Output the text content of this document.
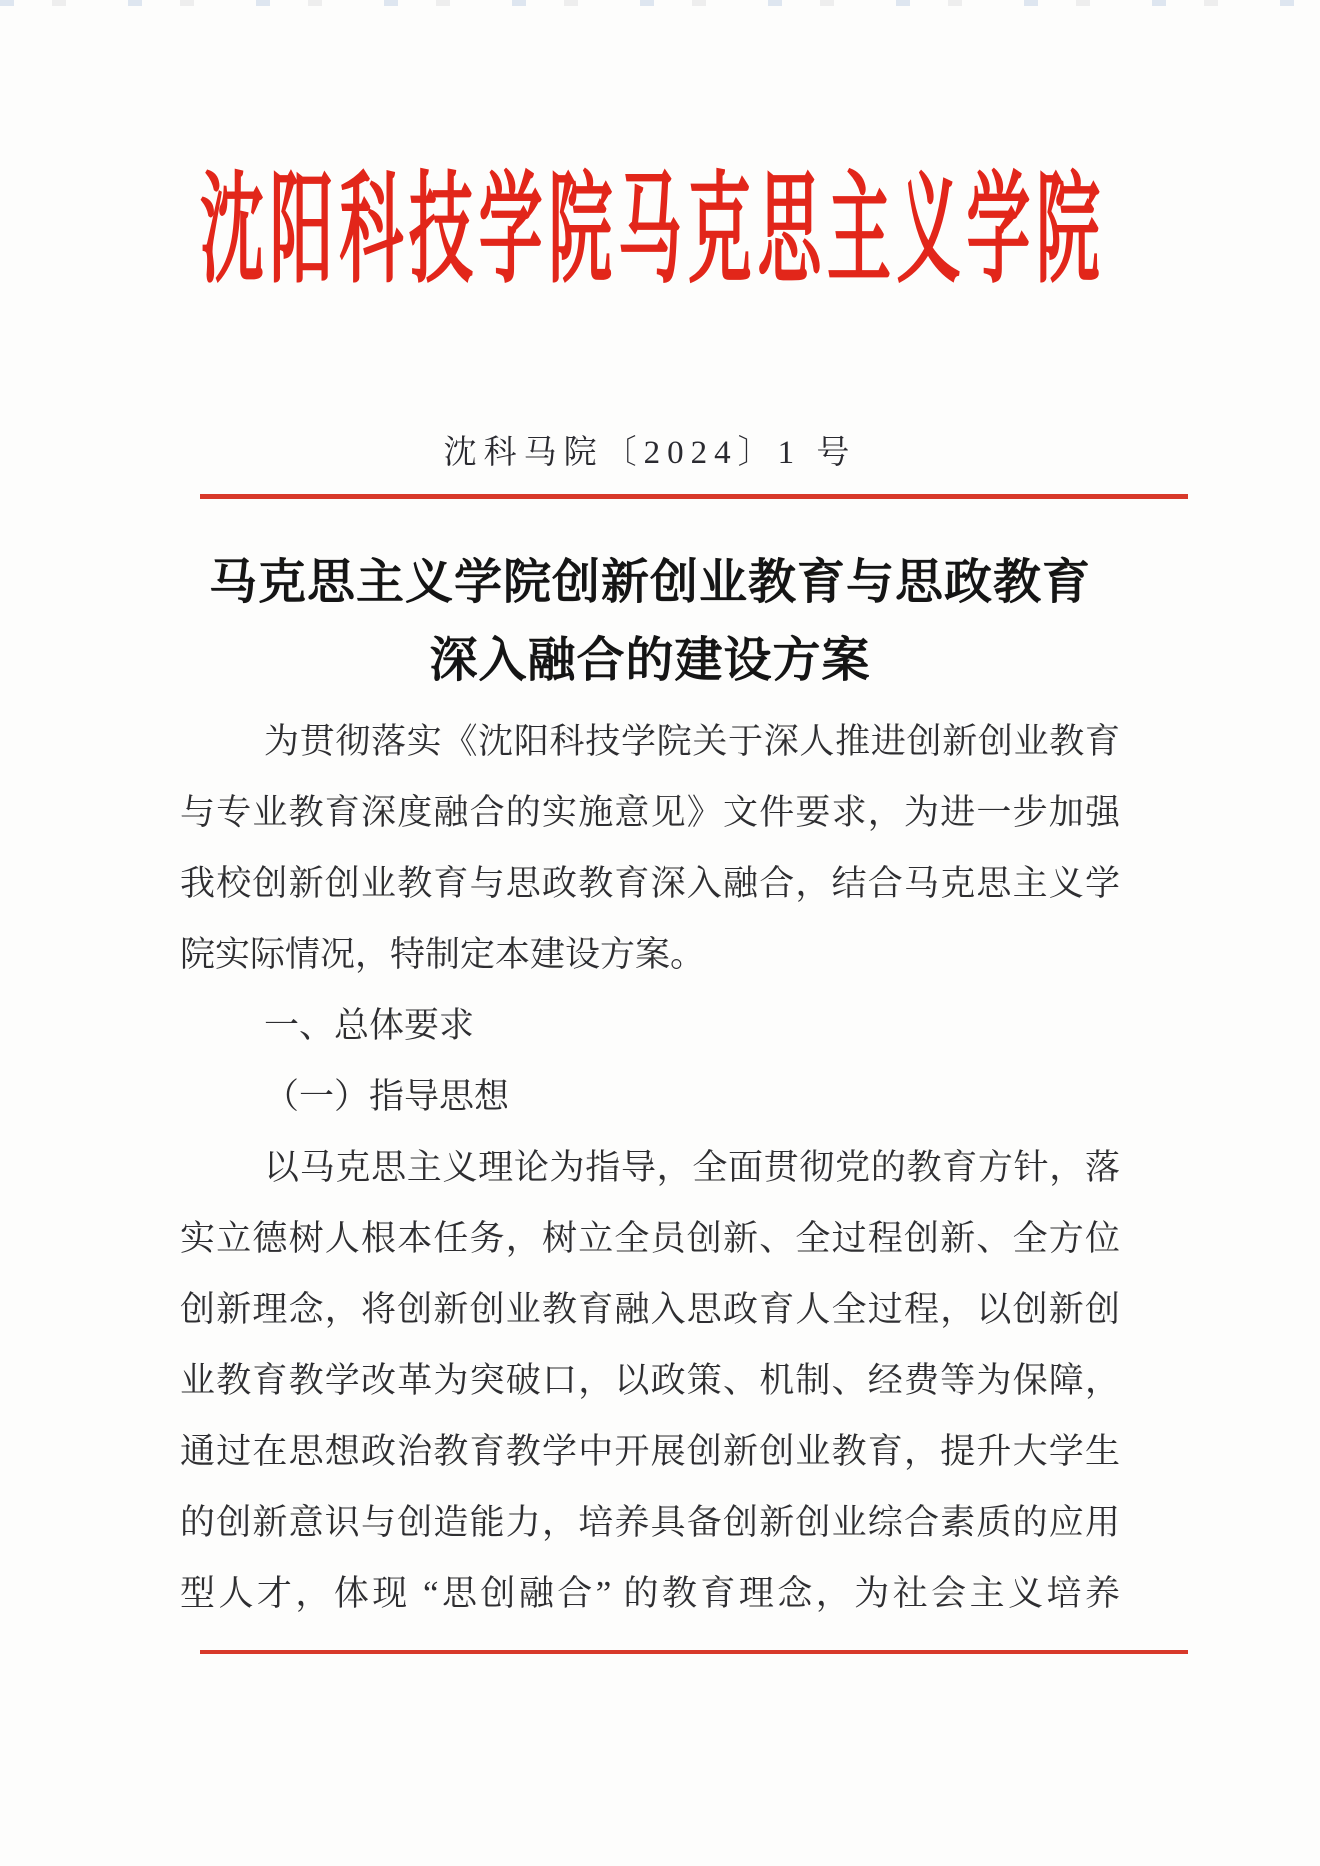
沈阳科技学院马克思主义学院
沈科马院〔2024〕1 号
马克思主义学院创新创业教育与思政教育
深入融合的建设方案
为贯彻落实《沈阳科技学院关于深人推进创新创业教育
与专业教育深度融合的实施意见》文件要求，为进一步加强
我校创新创业教育与思政教育深入融合，结合马克思主义学
院实际情况，特制定本建设方案。
一、总体要求
（一）指导思想
以马克思主义理论为指导，全面贯彻党的教育方针，落
实立德树人根本任务，树立全员创新、全过程创新、全方位
创新理念，将创新创业教育融入思政育人全过程，以创新创
业教育教学改革为突破口，以政策、机制、经费等为保障，
通过在思想政治教育教学中开展创新创业教育，提升大学生
的创新意识与创造能力，培养具备创新创业综合素质的应用
型人才，体现 “思创融合” 的教育理念，为社会主义培养
